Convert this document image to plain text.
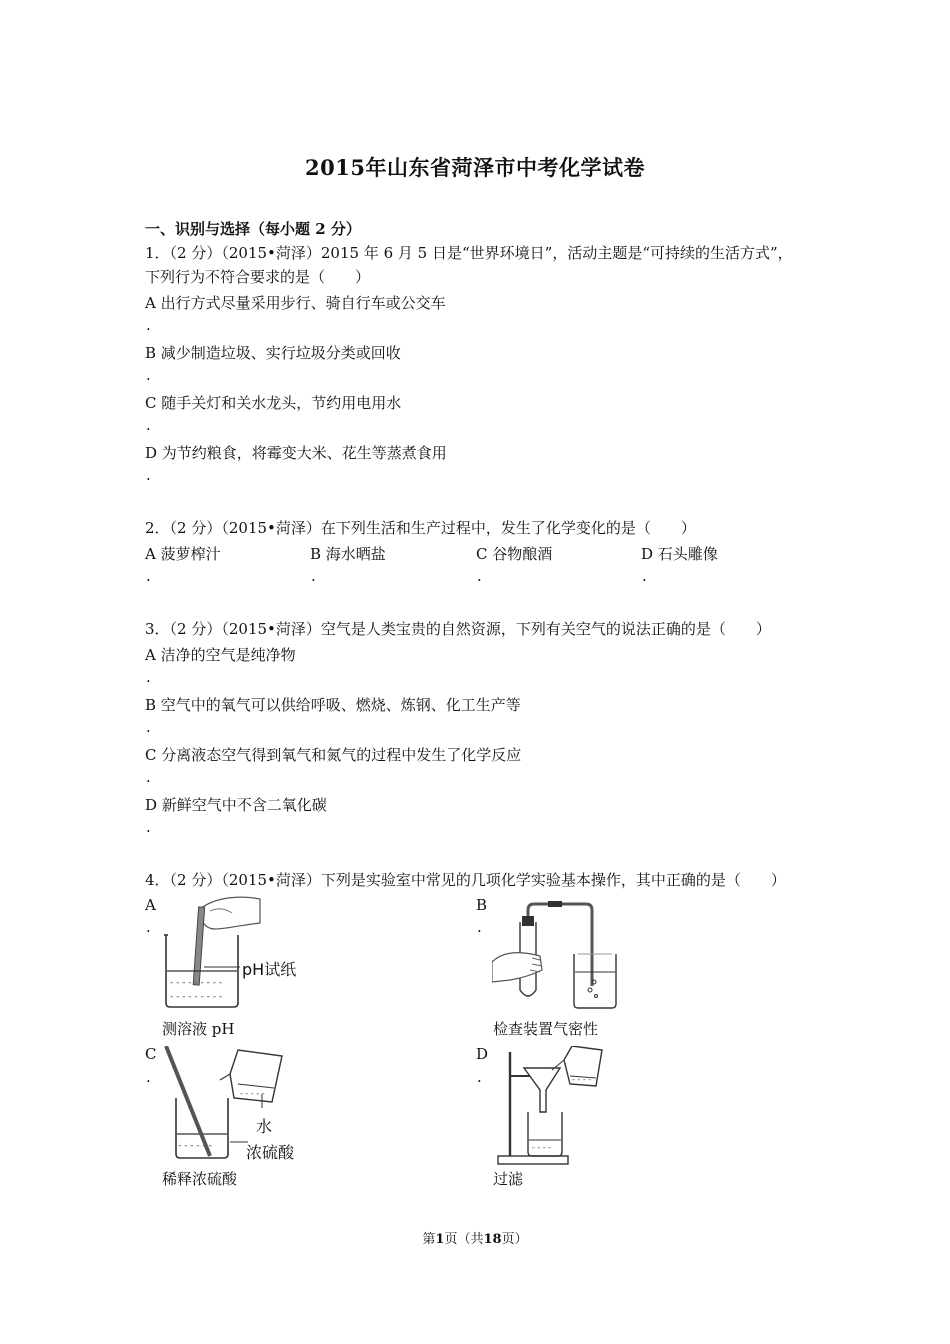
2015年山东省菏泽市中考化学试卷
一、识别与选择（每小题 2 分）
1．（2 分）（2015•菏泽）2015 年 6 月 5 日是“世界环境日”，活动主题是“可持续的生活方式”，
下列行为不符合要求的是（　　）
A 出行方式尽量采用步行、骑自行车或公交车
.
B 减少制造垃圾、实行垃圾分类或回收
.
C 随手关灯和关水龙头，节约用电用水
.
D 为节约粮食，将霉变大米、花生等蒸煮食用
.
2．（2 分）（2015•菏泽）在下列生活和生产过程中，发生了化学变化的是（　　）
A 菠萝榨汁	B 海水晒盐	C 谷物酿酒	D 石头雕像
.	.	.	.
3．（2 分）（2015•菏泽）空气是人类宝贵的自然资源，下列有关空气的说法正确的是（　　）
A 洁净的空气是纯净物
.
B 空气中的氧气可以供给呼吸、燃烧、炼钢、化工生产等
.
C 分离液态空气得到氧气和氮气的过程中发生了化学反应
.
D 新鲜空气中不含二氧化碳
.
4．（2 分）（2015•菏泽）下列是实验室中常见的几项化学实验基本操作，其中正确的是（　　）
A
.
B
.
- - - - - - - - -
- - - - - - - - -
pH试纸
测溶液 pH	检查装置气密性
C
.
D
.
- - - - - -
- - - - -
水
浓硫酸
- - - -
- - - -
稀释浓硫酸	过滤
第1页（共18页）
